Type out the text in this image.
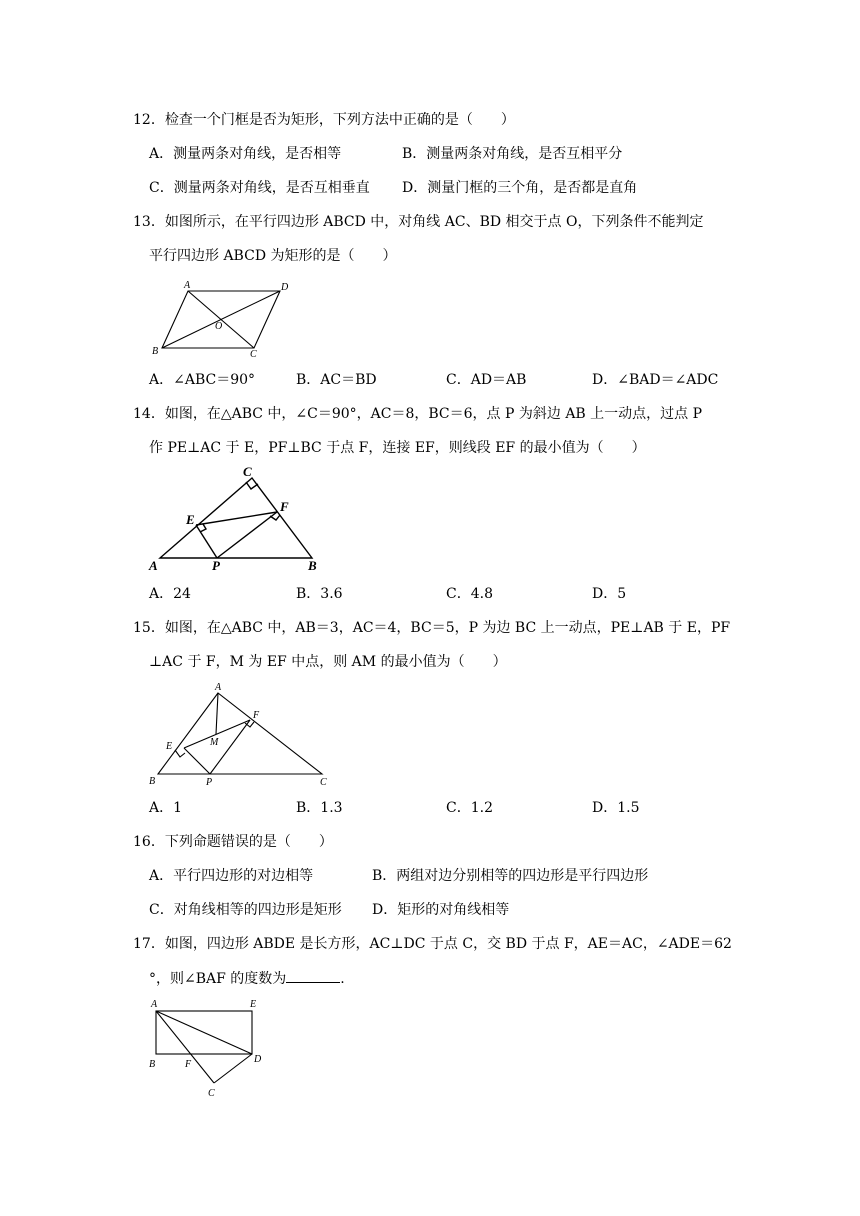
12．检查一个门框是否为矩形，下列方法中正确的是（　　）
A．测量两条对角线，是否相等	B．测量两条对角线，是否互相平分
C．测量两条对角线，是否互相垂直 D．测量门框的三个角，是否都是直角
13．如图所示，在平行四边形 ABCD 中，对角线 AC、BD 相交于点 O，下列条件不能判定
平行四边形 ABCD 为矩形的是（　　）
A	D
O
B	C
A．∠ABC＝90°	B．AC＝BD	C．AD＝AB	D．∠BAD＝∠ADC
14．如图，在△ABC 中，∠C＝90°，AC＝8，BC＝6，点 P 为斜边 AB 上一动点，过点 P
作 PE⊥AC 于 E，PF⊥BC 于点 F，连接 EF，则线段 EF 的最小值为（　　）
C
E
F
A	P	B
A．24	B．3.6	C．4.8	D．5
15．如图，在△ABC 中，AB＝3，AC＝4，BC＝5，P 为边 BC 上一动点，PE⊥AB 于 E，PF
⊥AC 于 F，M 为 EF 中点，则 AM 的最小值为（　　）
A
F
E	M
B	P	C
A．1	B．1.3	C．1.2	D．1.5
16．下列命题错误的是（　　）
A．平行四边形的对边相等	B．两组对边分别相等的四边形是平行四边形
C．对角线相等的四边形是矩形 D．矩形的对角线相等
17．如图，四边形 ABDE 是长方形，AC⊥DC 于点 C，交 BD 于点 F，AE＝AC，∠ADE＝62
°，则∠BAF 的度数为	.
A	E
B	F	D
C
